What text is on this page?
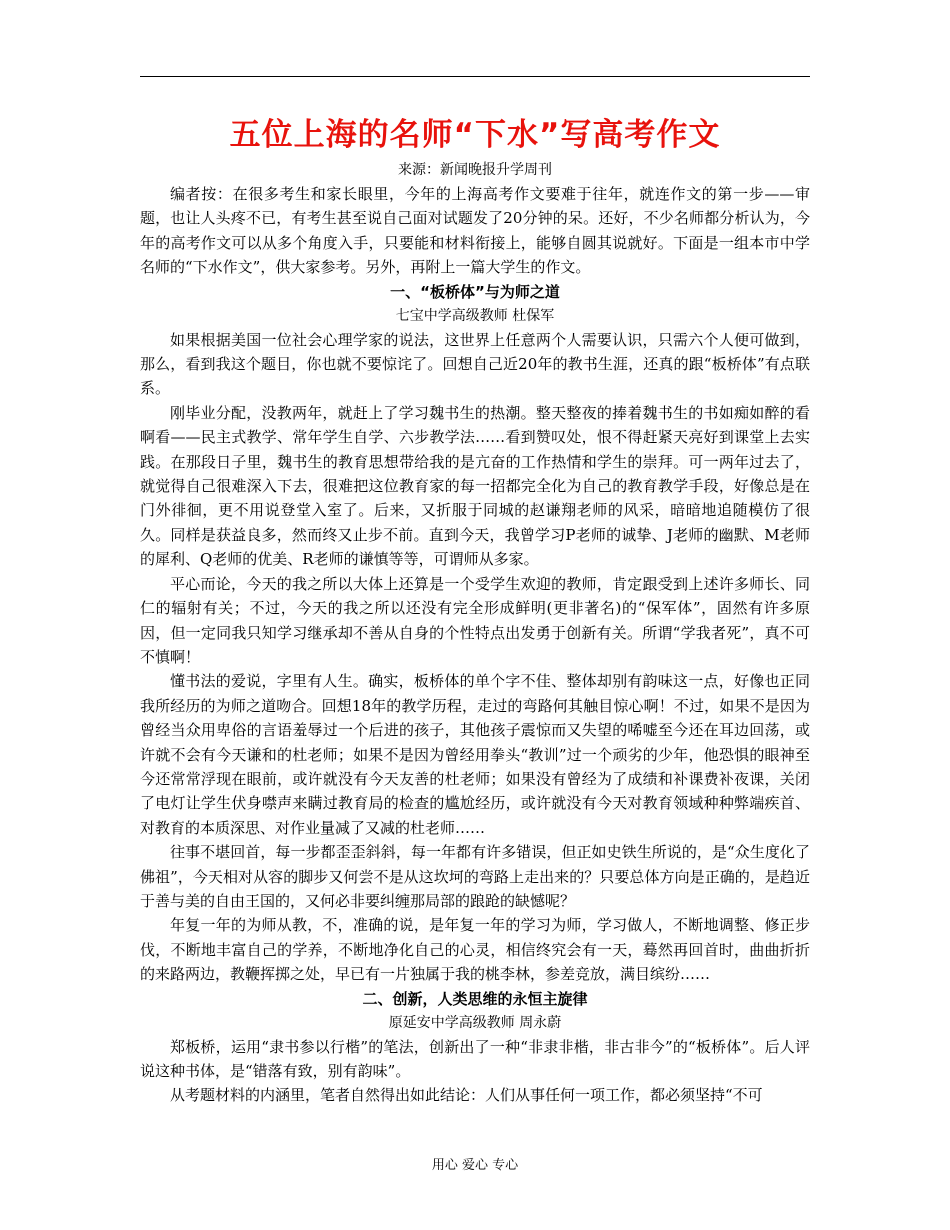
五位上海的名师“下水”写高考作文

来源：新闻晚报升学周刊

编者按：在很多考生和家长眼里，今年的上海高考作文要难于往年，就连作文的第一步——审题，也让人头疼不已，有考生甚至说自己面对试题发了20分钟的呆。还好，不少名师都分析认为，今年的高考作文可以从多个角度入手，只要能和材料衔接上，能够自圆其说就好。下面是一组本市中学名师的“下水作文”，供大家参考。另外，再附上一篇大学生的作文。

一、“板桥体”与为师之道

七宝中学高级教师 杜保军

如果根据美国一位社会心理学家的说法，这世界上任意两个人需要认识，只需六个人便可做到，那么，看到我这个题目，你也就不要惊诧了。回想自己近20年的教书生涯，还真的跟“板桥体”有点联系。

刚毕业分配，没教两年，就赶上了学习魏书生的热潮。整天整夜的捧着魏书生的书如痴如醉的看啊看——民主式教学、常年学生自学、六步教学法……看到赞叹处，恨不得赶紧天亮好到课堂上去实践。在那段日子里，魏书生的教育思想带给我的是亢奋的工作热情和学生的崇拜。可一两年过去了，就觉得自己很难深入下去，很难把这位教育家的每一招都完全化为自己的教育教学手段，好像总是在门外徘徊，更不用说登堂入室了。后来，又折服于同城的赵谦翔老师的风采，暗暗地追随模仿了很久。同样是获益良多，然而终又止步不前。直到今天，我曾学习P老师的诚挚、J老师的幽默、M老师的犀利、Q老师的优美、R老师的谦慎等等，可谓师从多家。

平心而论，今天的我之所以大体上还算是一个受学生欢迎的教师，肯定跟受到上述许多师长、同仁的辐射有关；不过，今天的我之所以还没有完全形成鲜明(更非著名)的“保军体”，固然有许多原因，但一定同我只知学习继承却不善从自身的个性特点出发勇于创新有关。所谓“学我者死”，真不可不慎啊！

懂书法的爱说，字里有人生。确实，板桥体的单个字不佳、整体却别有韵味这一点，好像也正同我所经历的为师之道吻合。回想18年的教学历程，走过的弯路何其触目惊心啊！不过，如果不是因为曾经当众用卑俗的言语羞辱过一个后进的孩子，其他孩子震惊而又失望的唏嘘至今还在耳边回荡，或许就不会有今天谦和的杜老师；如果不是因为曾经用拳头“教训”过一个顽劣的少年，他恐惧的眼神至今还常常浮现在眼前，或许就没有今天友善的杜老师；如果没有曾经为了成绩和补课费补夜课，关闭了电灯让学生伏身噤声来瞒过教育局的检查的尴尬经历，或许就没有今天对教育领域种种弊端疾首、对教育的本质深思、对作业量减了又减的杜老师……

往事不堪回首，每一步都歪歪斜斜，每一年都有许多错误，但正如史铁生所说的，是“众生度化了佛祖”，今天相对从容的脚步又何尝不是从这坎坷的弯路上走出来的？只要总体方向是正确的，是趋近于善与美的自由王国的，又何必非要纠缠那局部的踉跄的缺憾呢？

年复一年的为师从教，不，准确的说，是年复一年的学习为师，学习做人，不断地调整、修正步伐，不断地丰富自己的学养，不断地净化自己的心灵，相信终究会有一天，蓦然再回首时，曲曲折折的来路两边，教鞭挥掷之处，早已有一片独属于我的桃李林，参差竞放，满目缤纷……

二、创新，人类思维的永恒主旋律

原延安中学高级教师 周永蔚

郑板桥，运用“隶书参以行楷”的笔法，创新出了一种“非隶非楷，非古非今”的“板桥体”。后人评说这种书体，是“错落有致，别有韵味”。

从考题材料的内涵里，笔者自然得出如此结论：人们从事任何一项工作，都必须坚持“不可

用心 爱心 专心
